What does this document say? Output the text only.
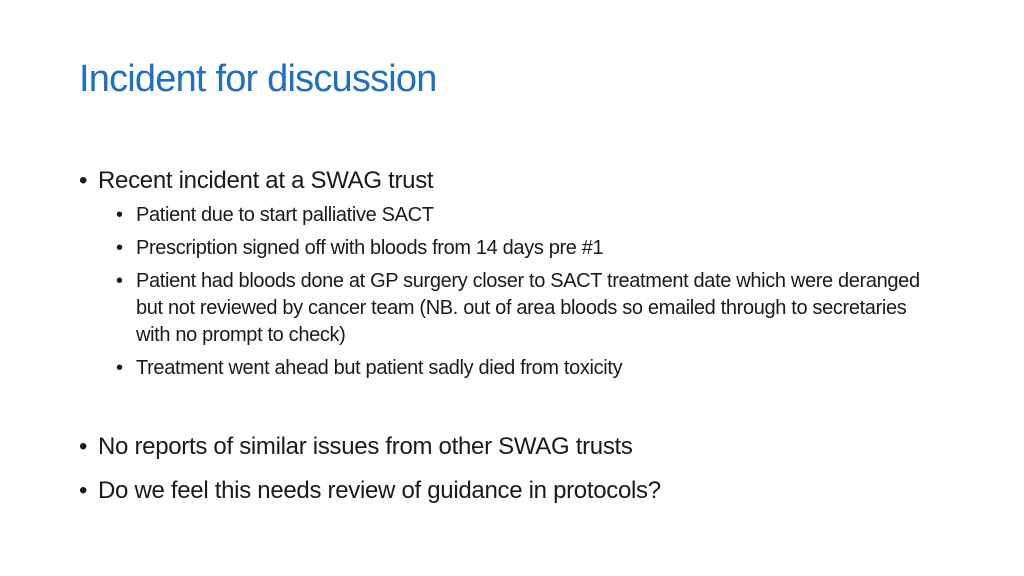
Incident for discussion
• Recent incident at a SWAG trust
• Patient due to start palliative SACT
• Prescription signed off with bloods from 14 days pre #1
• Patient had bloods done at GP surgery closer to SACT treatment date which were deranged but not reviewed by cancer team (NB. out of area bloods so emailed through to secretaries with no prompt to check)
• Treatment went ahead but patient sadly died from toxicity
• No reports of similar issues from other SWAG trusts
• Do we feel this needs review of guidance in protocols?
